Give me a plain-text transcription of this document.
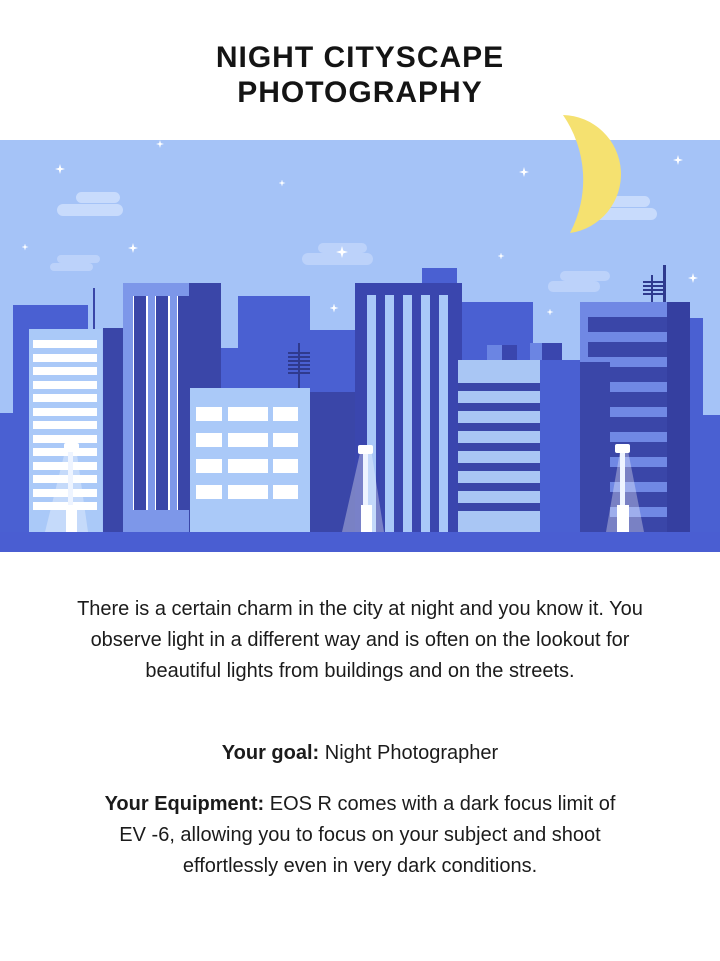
NIGHT CITYSCAPE
PHOTOGRAPHY
There is a certain charm in the city at night and you know it. You
observe light in a different way and is often on the lookout for
beautiful lights from buildings and on the streets.
Your goal: Night Photographer
Your Equipment: EOS R comes with a dark focus limit of
EV -6, allowing you to focus on your subject and shoot
effortlessly even in very dark conditions.
